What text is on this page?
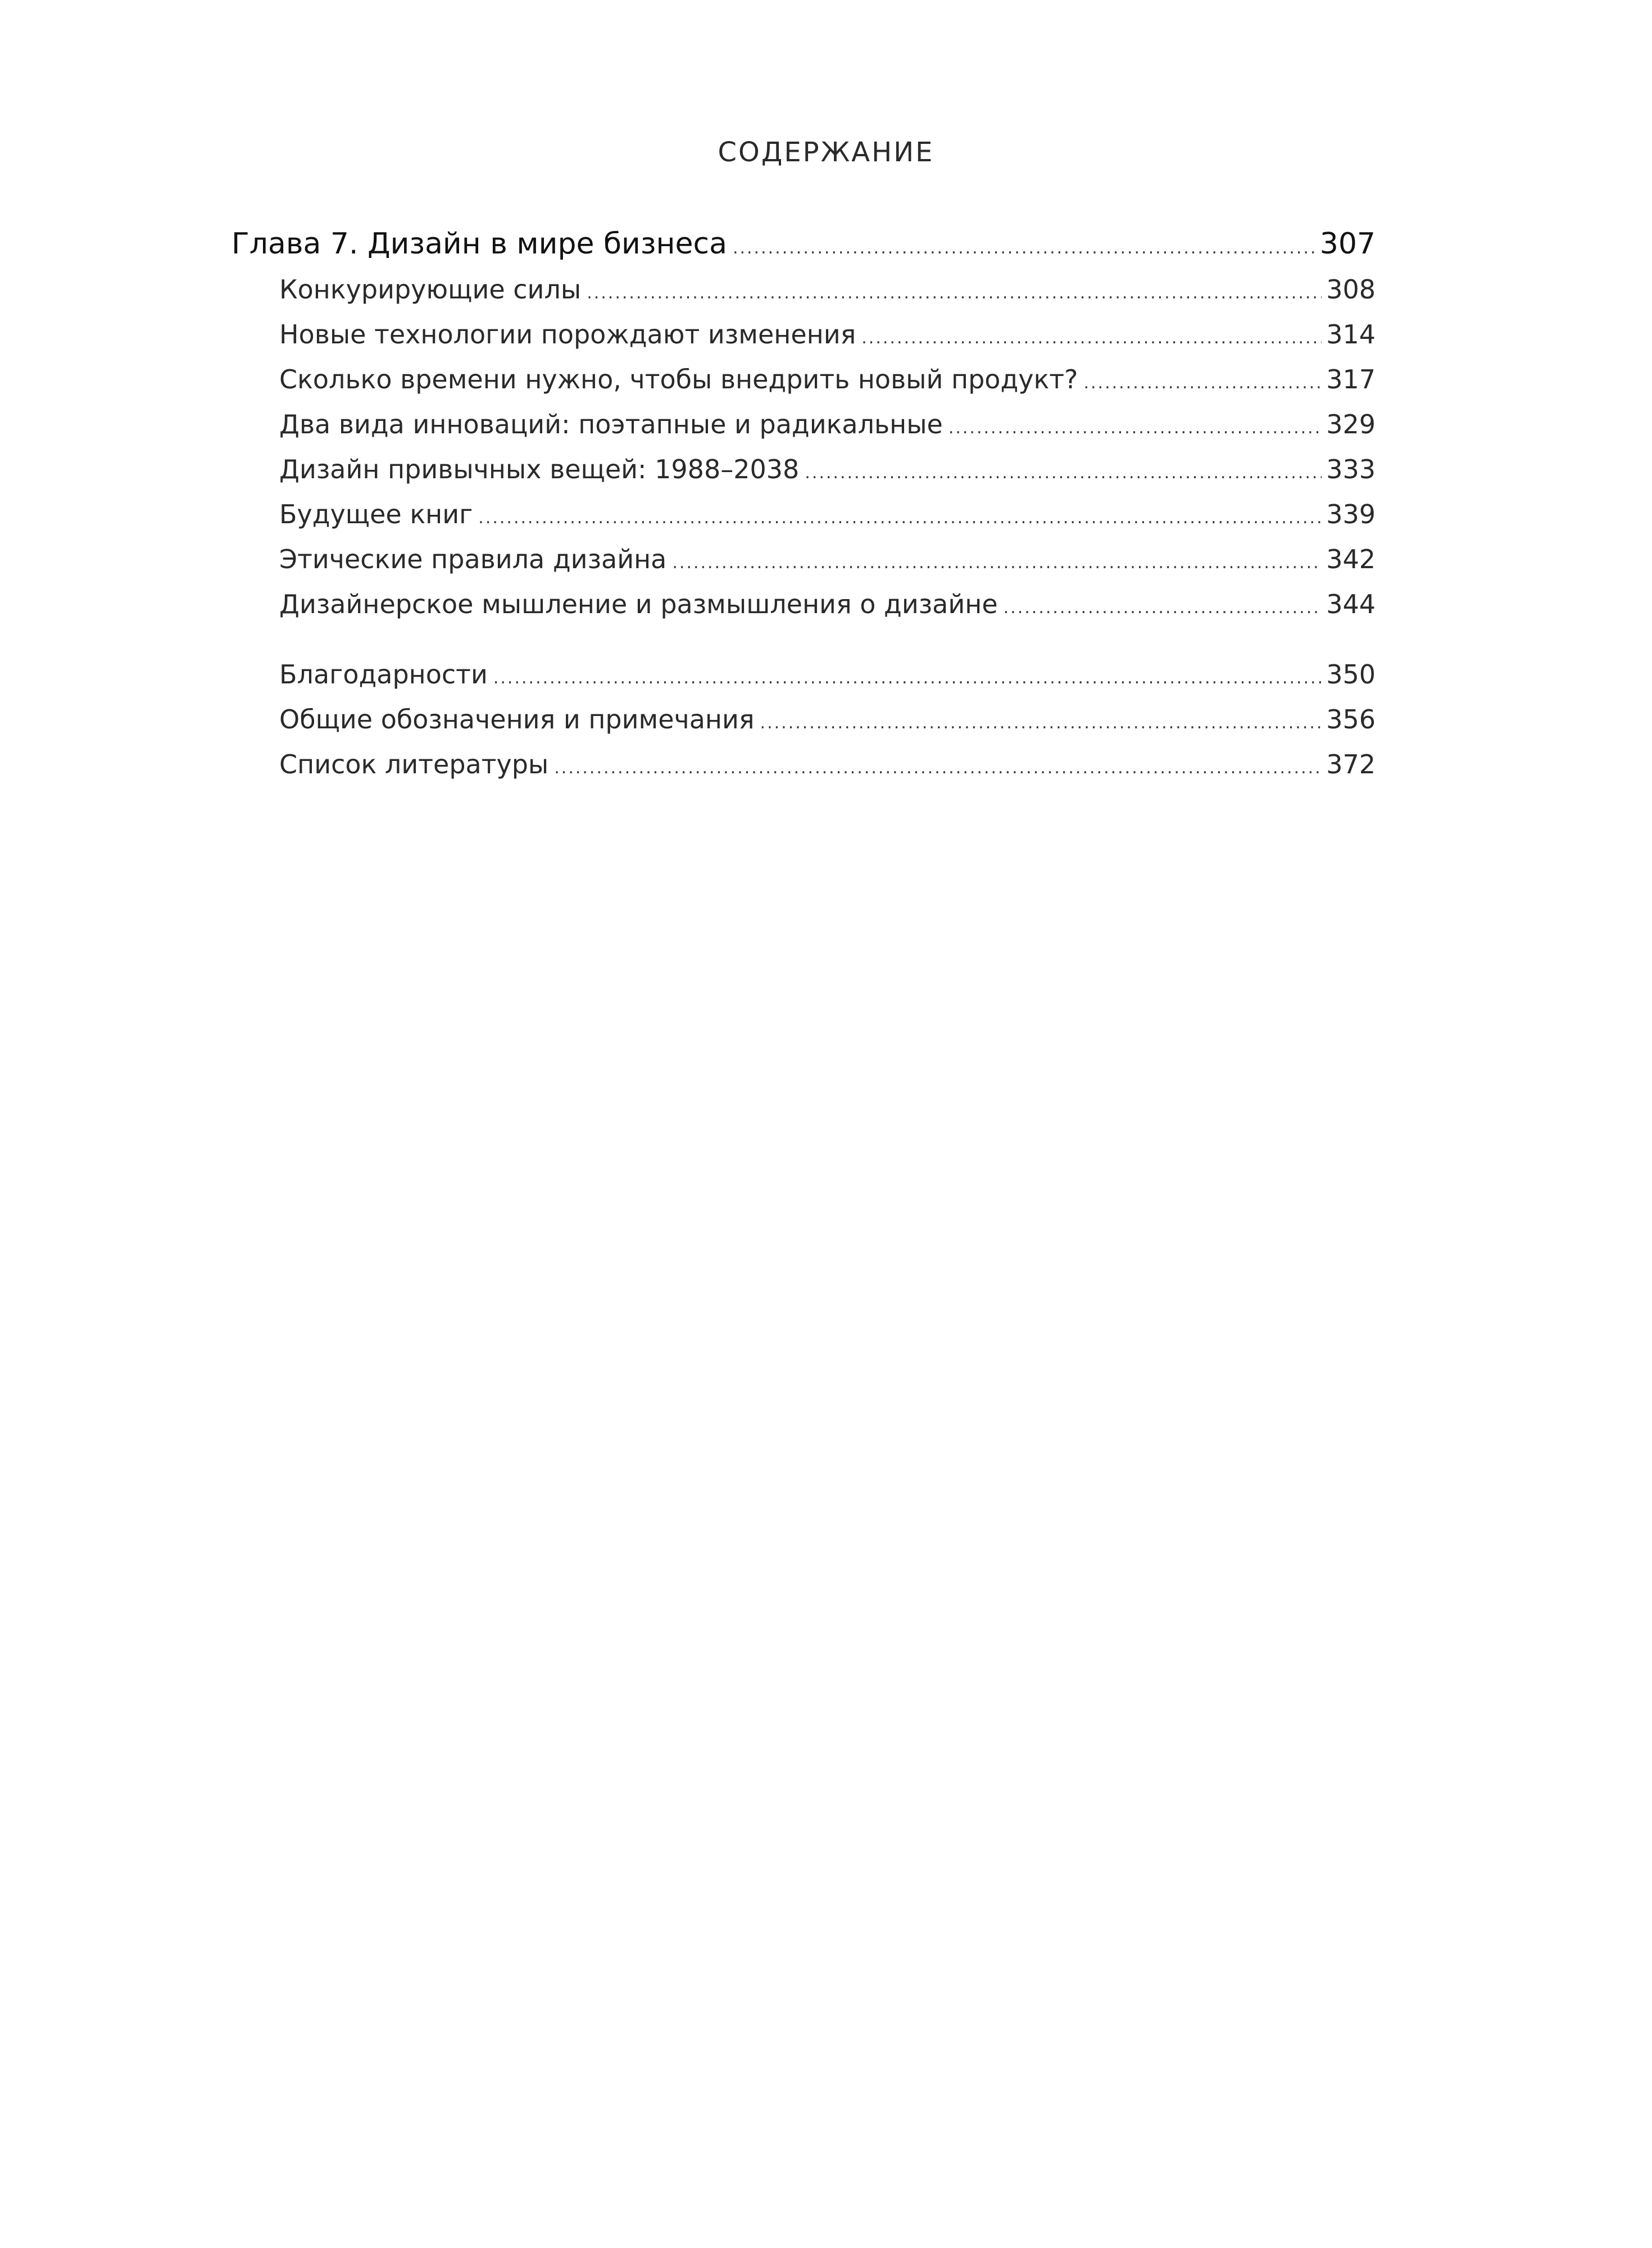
СОДЕРЖАНИЕ
Глава 7. Дизайн в мире бизнеса .....	307
Конкурирующие силы .....	308
Новые технологии порождают изменения .....	314
Сколько времени нужно, чтобы внедрить новый продукт? .....	317
Два вида инноваций: поэтапные и радикальные .....	329
Дизайн привычных вещей: 1988–2038 .....	333
Будущее книг .....	339
Этические правила дизайна .....	342
Дизайнерское мышление и размышления о дизайне .....	344
Благодарности .....	350
Общие обозначения и примечания .....	356
Список литературы .....	372
